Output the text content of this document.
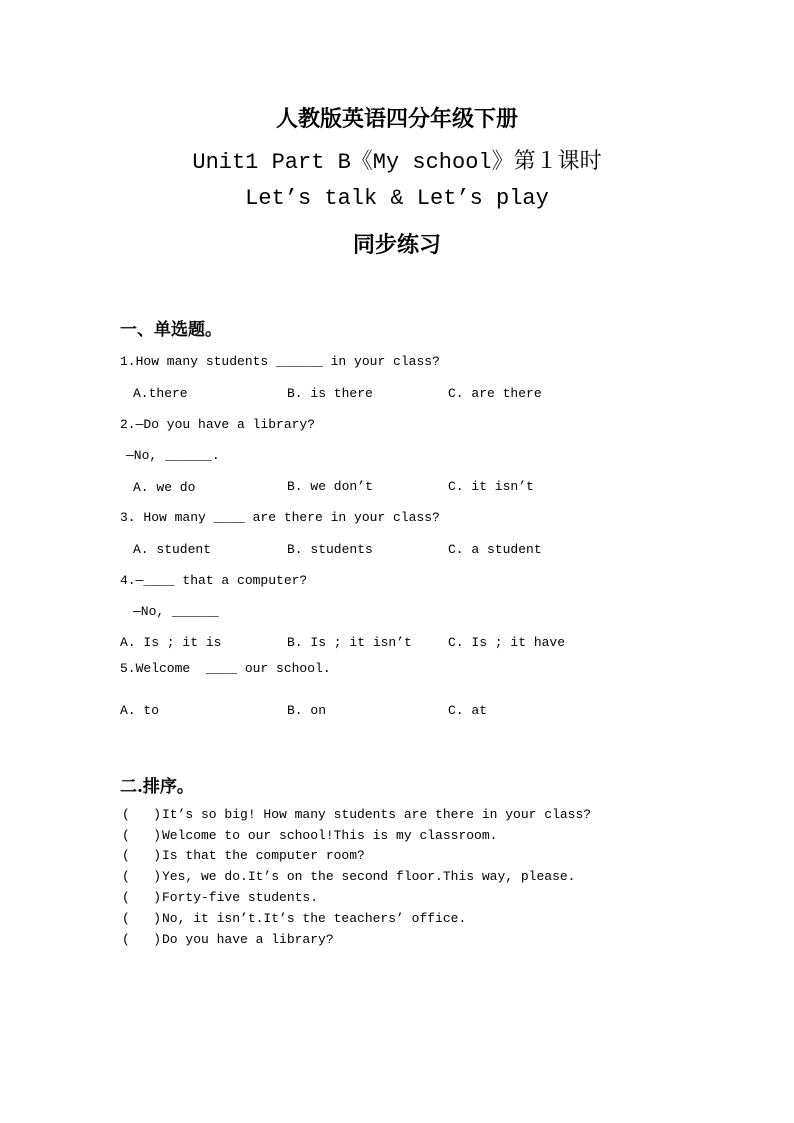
人教版英语四分年级下册
Unit1 Part B《My school》第１课时
Let’s talk & Let’s play
同步练习
一、单选题。
1.How many students ______ in your class?
A.there	B. is there	C. are there
2.—Do you have a library?
—No, ______.
A. we do	B. we don’t	C. it isn’t
3. How many ____ are there in your class?
A. student	B. students	C. a student
4.—____ that a computer?
—No, ______
A. Is ; it is	B. Is ; it isn’t	C. Is ; it have
5.Welcome  ____ our school.
A. to	B. on	C. at
二.排序。
(   )It’s so big! How many students are there in your class?
(   )Welcome to our school!This is my classroom.
(   )Is that the computer room?
(   )Yes, we do.It’s on the second floor.This way, please.
(   )Forty-five students.
(   )No, it isn’t.It’s the teachers’ office.
(   )Do you have a library?
